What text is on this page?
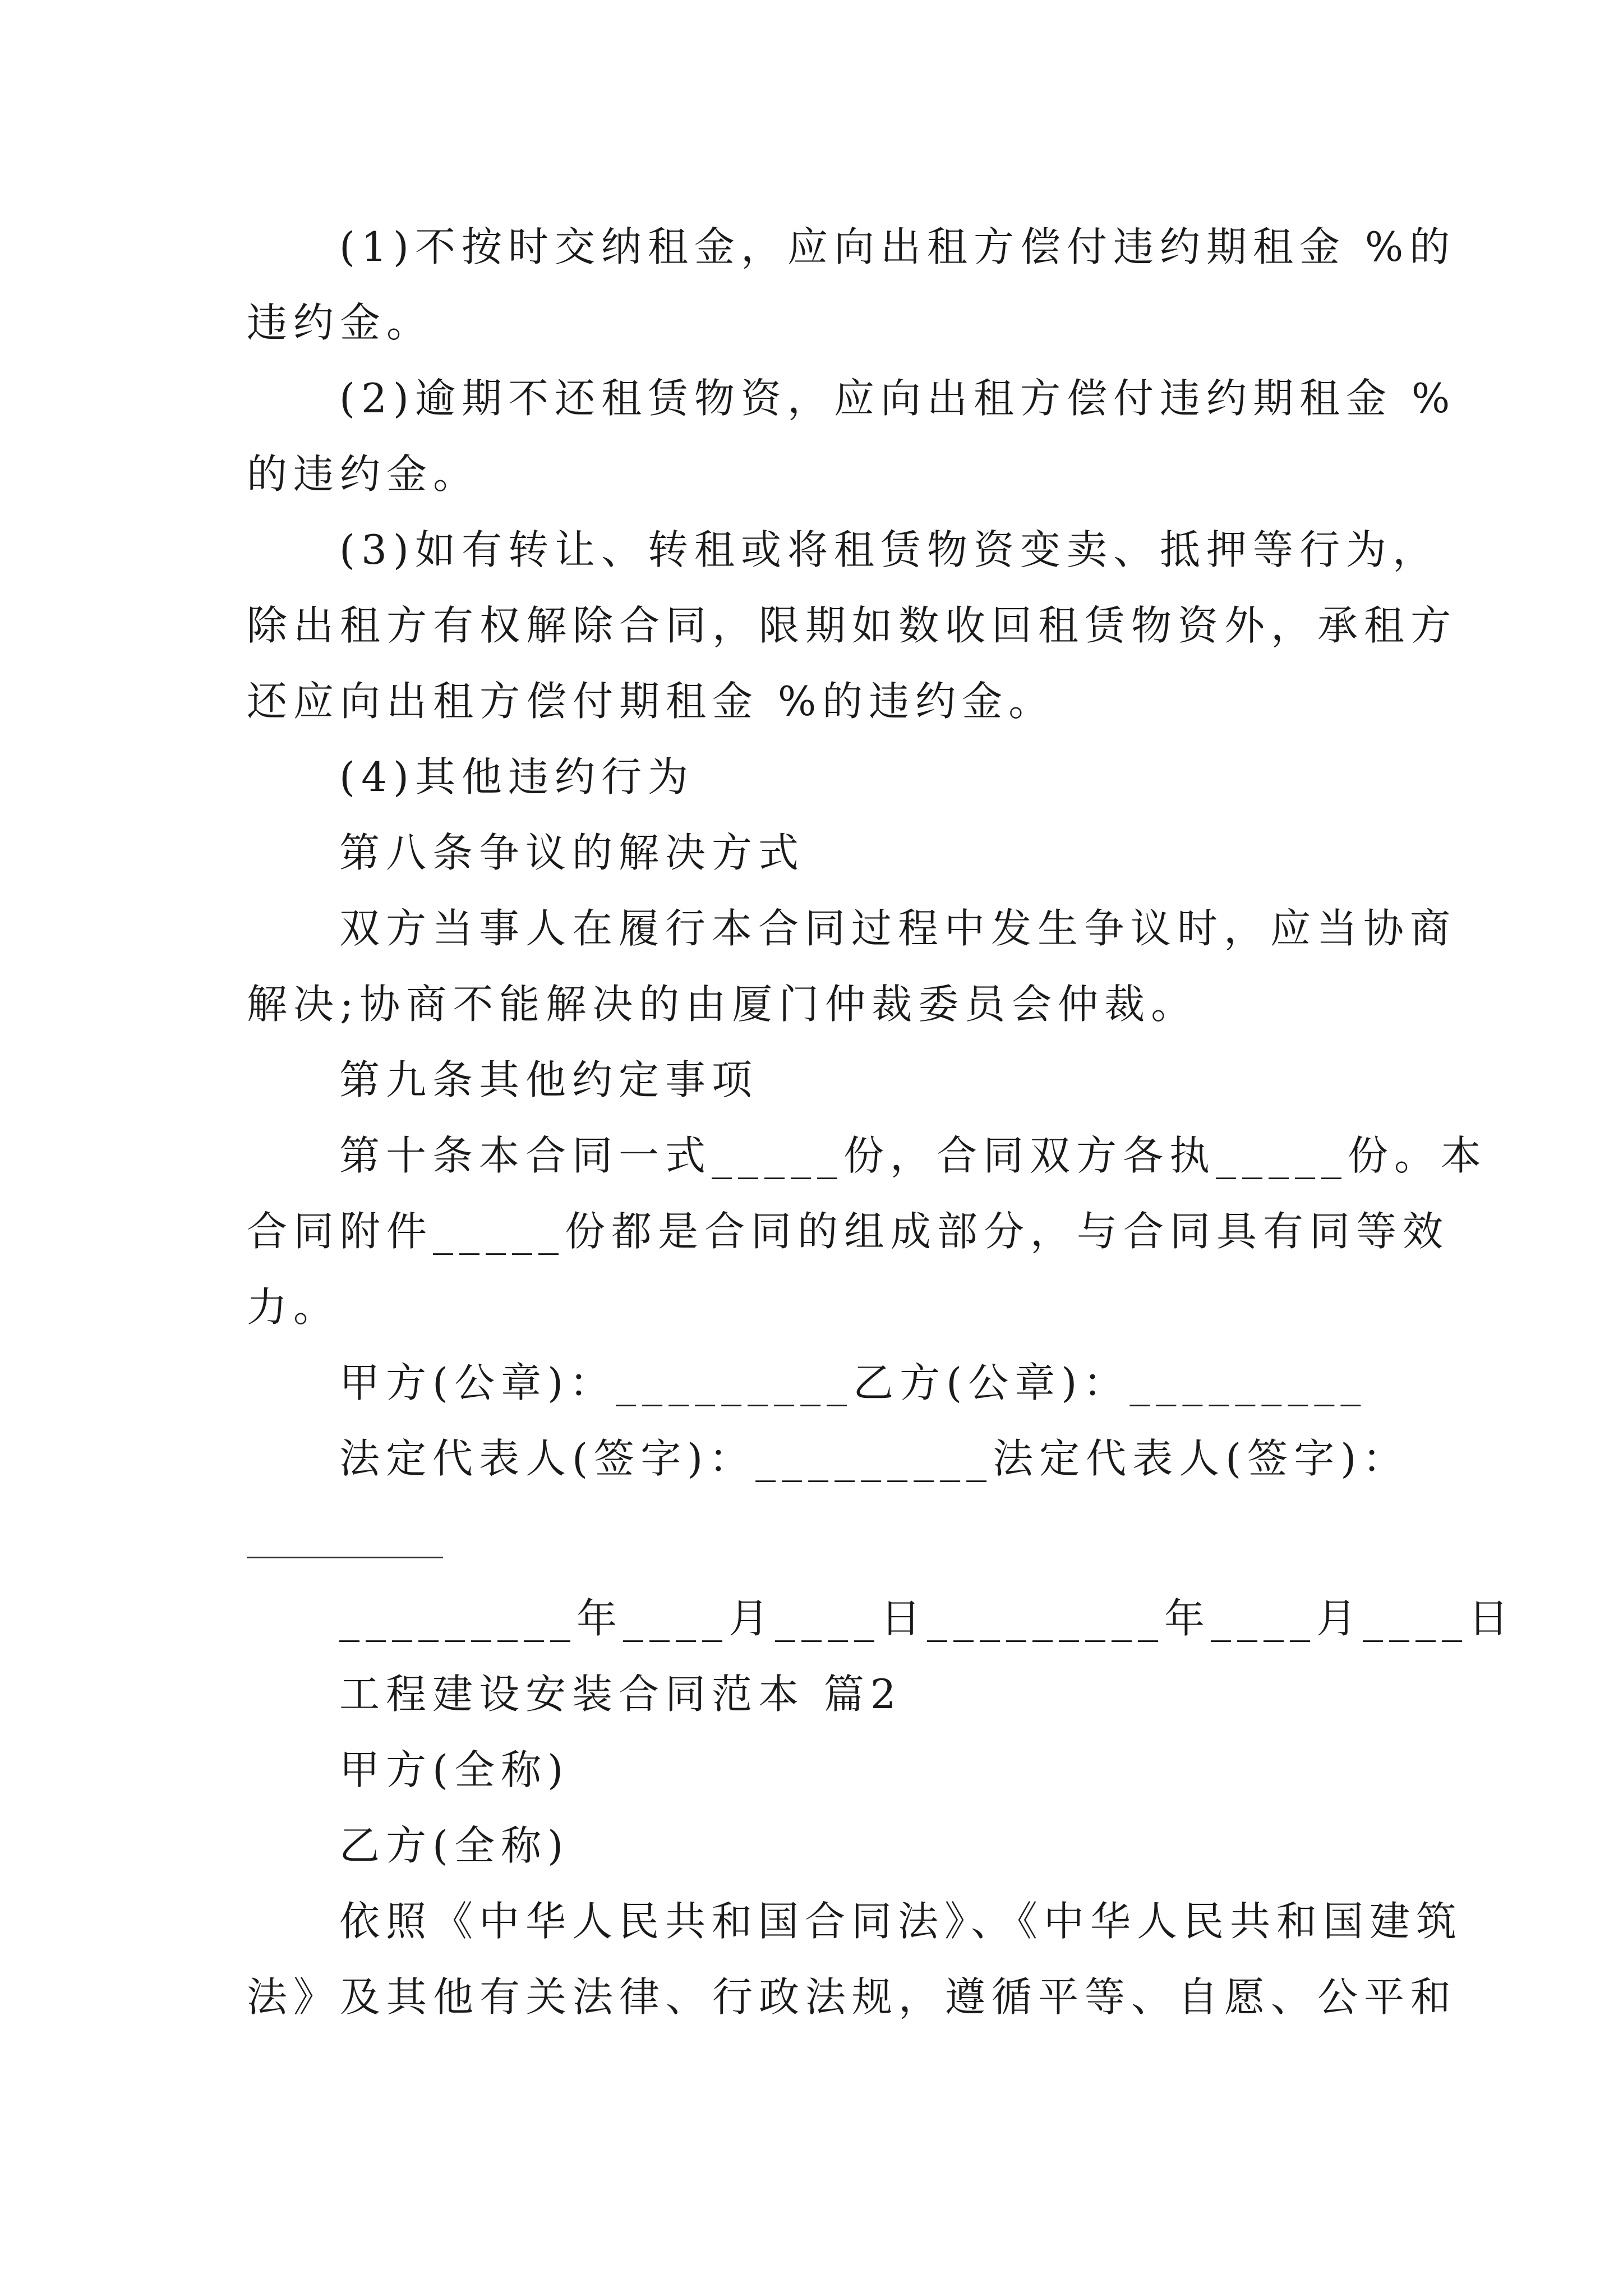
(1)不按时交纳租金，应向出租方偿付违约期租金 %的
违约金。
(2)逾期不还租赁物资，应向出租方偿付违约期租金 %
的违约金。
(3)如有转让、转租或将租赁物资变卖、抵押等行为，
除出租方有权解除合同，限期如数收回租赁物资外，承租方
还应向出租方偿付期租金 %的违约金。
(4)其他违约行为
第八条争议的解决方式
双方当事人在履行本合同过程中发生争议时，应当协商
解决;协商不能解决的由厦门仲裁委员会仲裁。
第九条其他约定事项
第十条本合同一式_____份，合同双方各执_____份。本
合同附件_____份都是合同的组成部分，与合同具有同等效
力。
甲方(公章)：_________乙方(公章)：_________
法定代表人(签字)：_________法定代表人(签字)：
_________年____月____日_________年____月____日
工程建设安装合同范本 篇2
甲方(全称)
乙方(全称)
依照《中华人民共和国合同法》、《中华人民共和国建筑
法》及其他有关法律、行政法规，遵循平等、自愿、公平和
